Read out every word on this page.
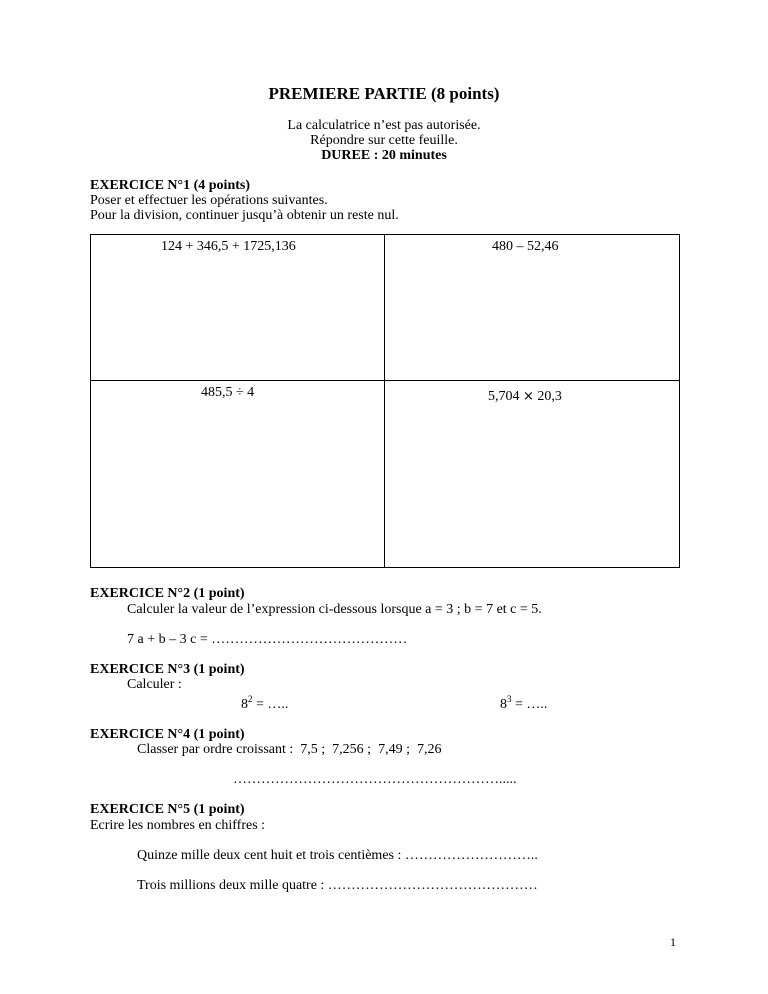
PREMIERE PARTIE (8 points)
La calculatrice n’est pas autorisée.
Répondre sur cette feuille.
DUREE : 20 minutes
EXERCICE N°1 (4 points)
Poser et effectuer les opérations suivantes.
Pour la division, continuer jusqu’à obtenir un reste nul.
124 + 346,5 + 1725,136	480 – 52,46
485,5 ÷ 4	5,704 × 20,3
EXERCICE N°2 (1 point)
Calculer la valeur de l’expression ci-dessous lorsque a = 3 ; b = 7 et c = 5.
7 a + b – 3 c = ……………………………………
EXERCICE N°3 (1 point)
Calculer :
$8^2$ = …..	$8^3$ = …..
EXERCICE N°4 (1 point)
Classer par ordre croissant :  7,5 ;  7,256 ;  7,49 ;  7,26
………………………………………………….....
EXERCICE N°5 (1 point)
Ecrire les nombres en chiffres :
Quinze mille deux cent huit et trois centièmes : ………………………..
Trois millions deux mille quatre : ………………………………………
1
